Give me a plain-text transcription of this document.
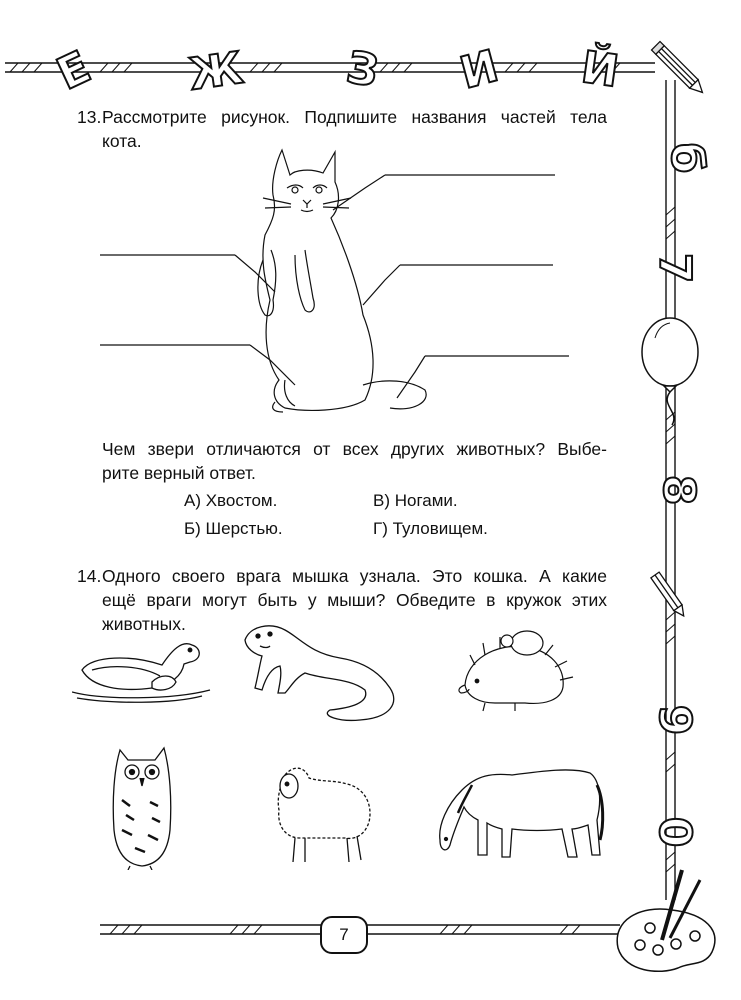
Е Ж З И Й
б
7
8
9
0
13. Рассмотрите рисунок. Подпишите названия частей тела
кота.
Чем звери отличаются от всех других животных? Выбе-
рите верный ответ.
А) Хвостом.	В) Ногами.
Б) Шерстью.	Г) Туловищем.
14. Одного своего врага мышка узнала. Это кошка. А какие
ещё враги могут быть у мыши? Обведите в кружок этих
животных.
7
